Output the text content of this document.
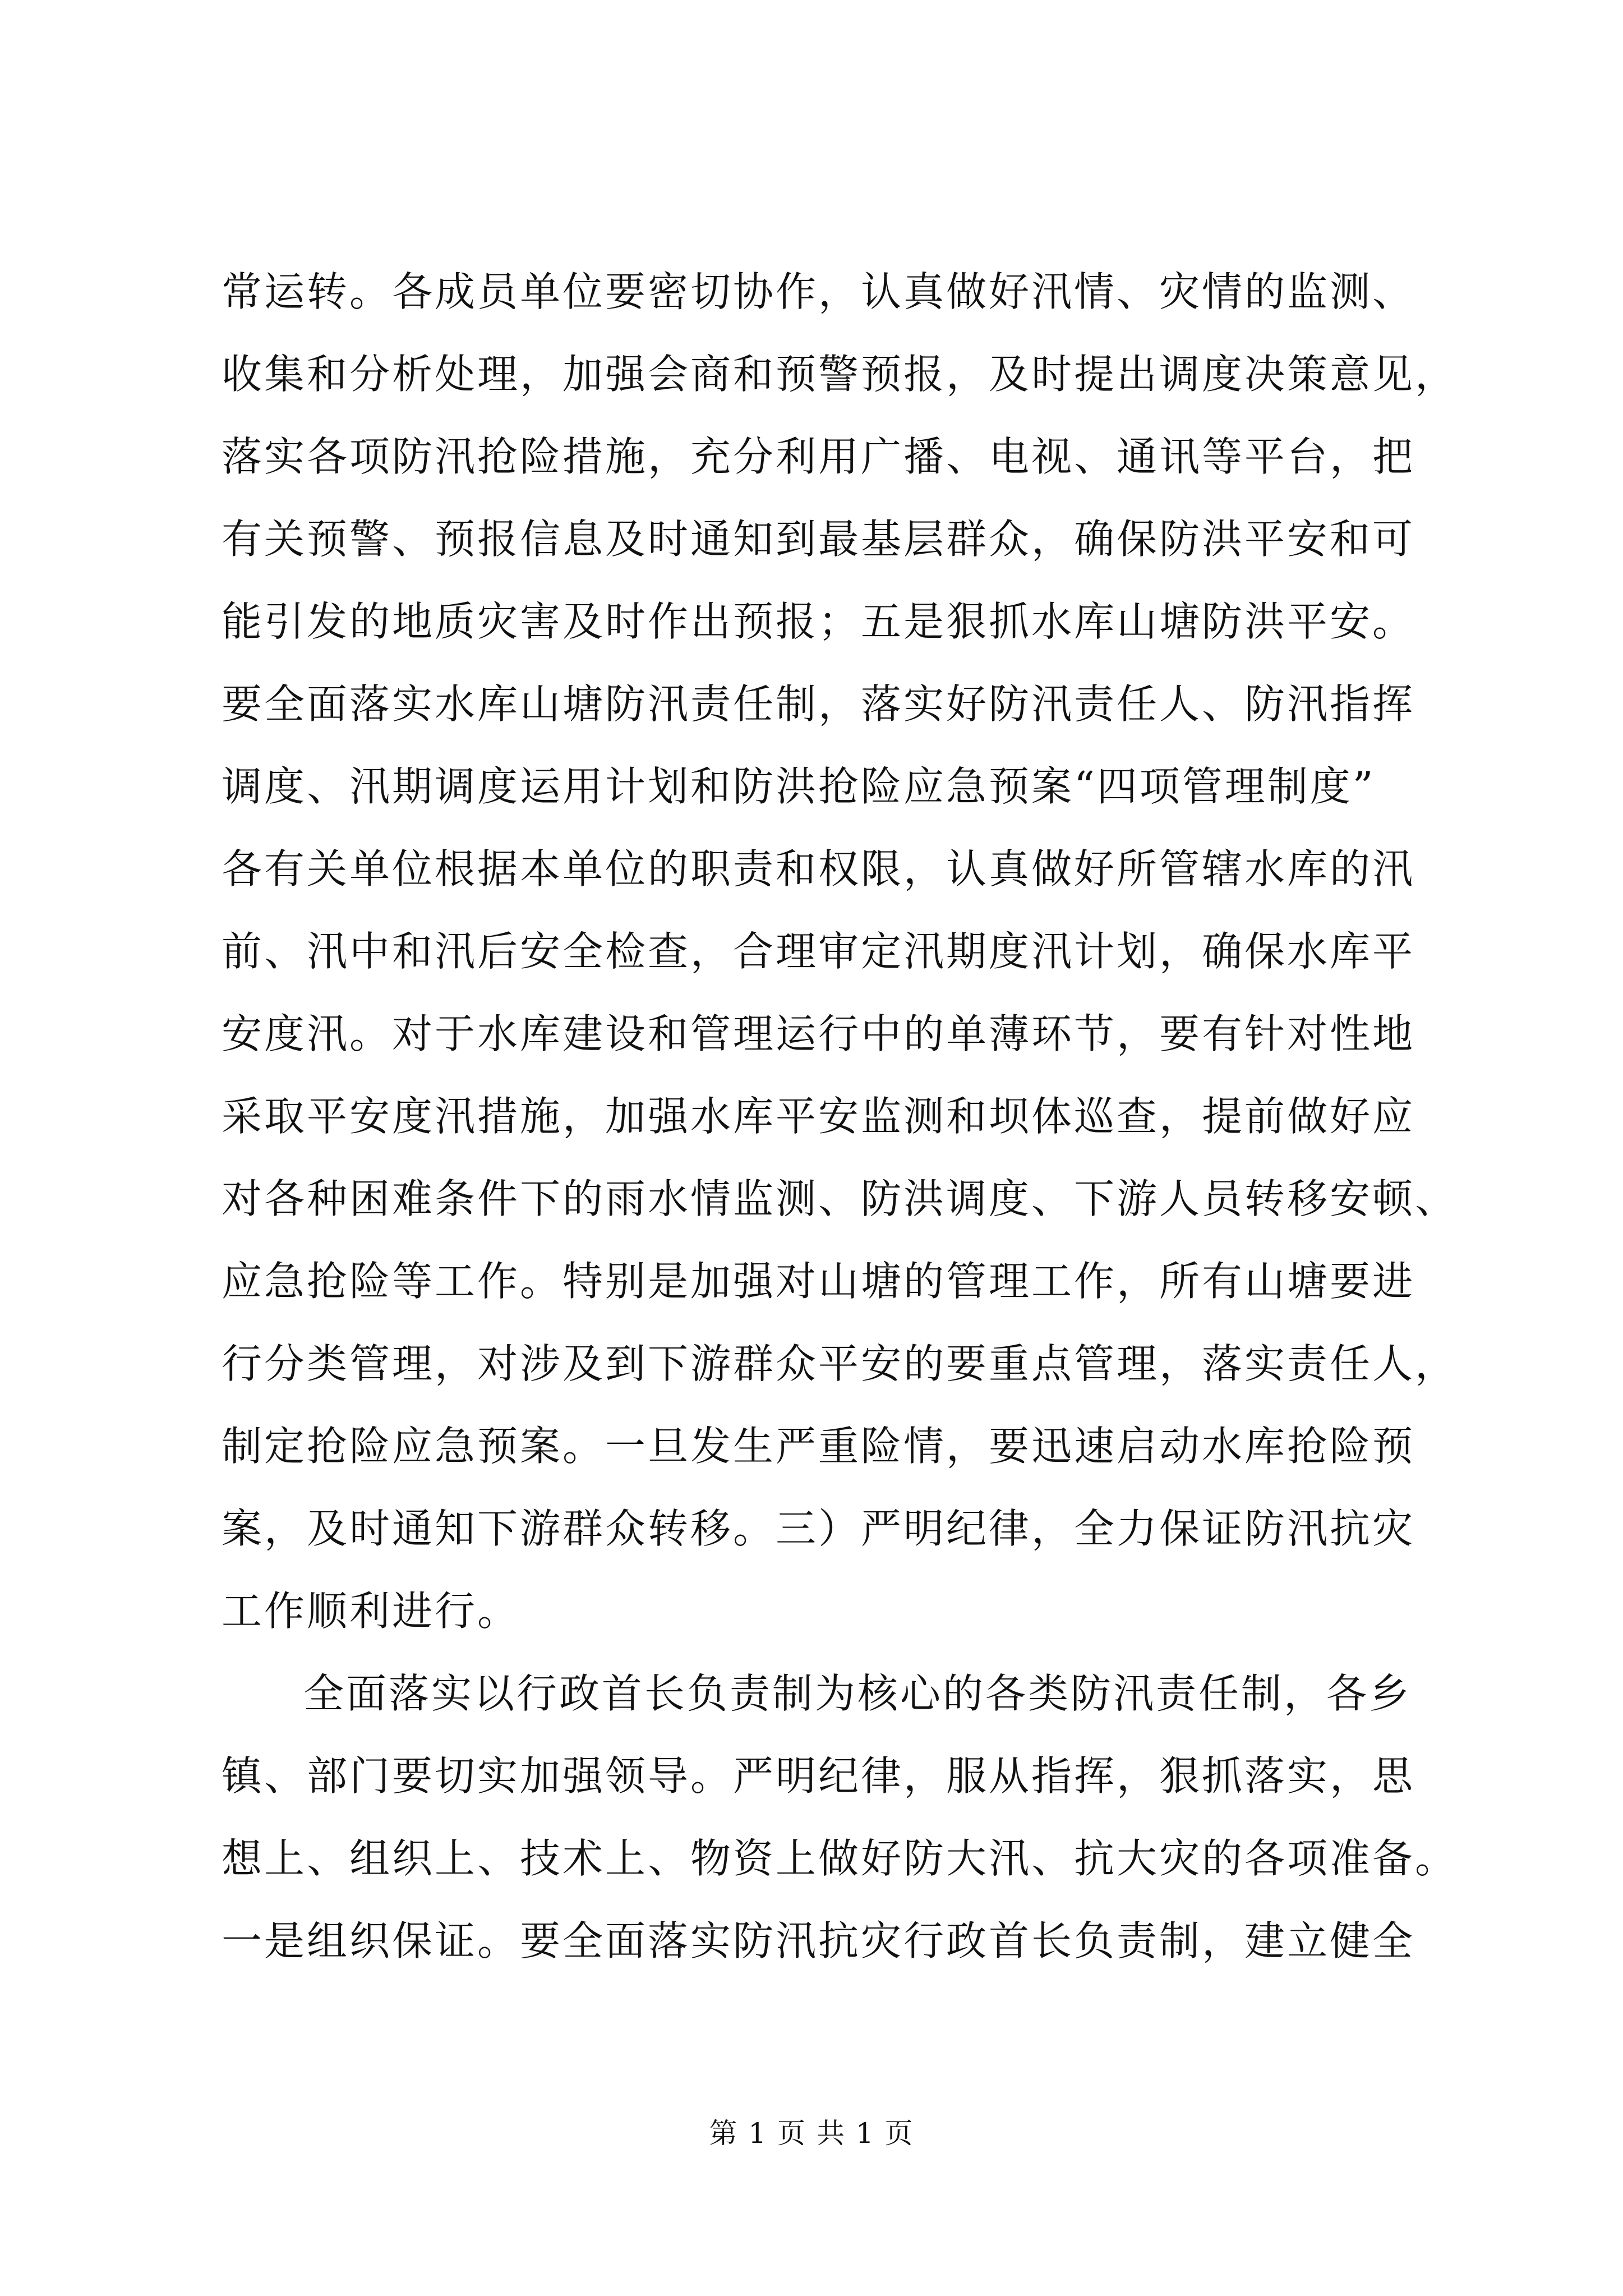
常运转。各成员单位要密切协作，认真做好汛情、灾情的监测、
收集和分析处理，加强会商和预警预报，及时提出调度决策意见，
落实各项防汛抢险措施，充分利用广播、电视、通讯等平台，把
有关预警、预报信息及时通知到最基层群众，确保防洪平安和可
能引发的地质灾害及时作出预报；五是狠抓水库山塘防洪平安。
要全面落实水库山塘防汛责任制，落实好防汛责任人、防汛指挥
调度、汛期调度运用计划和防洪抢险应急预案“四项管理制度”
各有关单位根据本单位的职责和权限，认真做好所管辖水库的汛
前、汛中和汛后安全检查，合理审定汛期度汛计划，确保水库平
安度汛。对于水库建设和管理运行中的单薄环节，要有针对性地
采取平安度汛措施，加强水库平安监测和坝体巡查，提前做好应
对各种困难条件下的雨水情监测、防洪调度、下游人员转移安顿、
应急抢险等工作。特别是加强对山塘的管理工作，所有山塘要进
行分类管理，对涉及到下游群众平安的要重点管理，落实责任人，
制定抢险应急预案。一旦发生严重险情，要迅速启动水库抢险预
案，及时通知下游群众转移。三）严明纪律，全力保证防汛抗灾
工作顺利进行。
全面落实以行政首长负责制为核心的各类防汛责任制，各乡
镇、部门要切实加强领导。严明纪律，服从指挥，狠抓落实，思
想上、组织上、技术上、物资上做好防大汛、抗大灾的各项准备。
一是组织保证。要全面落实防汛抗灾行政首长负责制，建立健全
第 1 页 共 1 页
